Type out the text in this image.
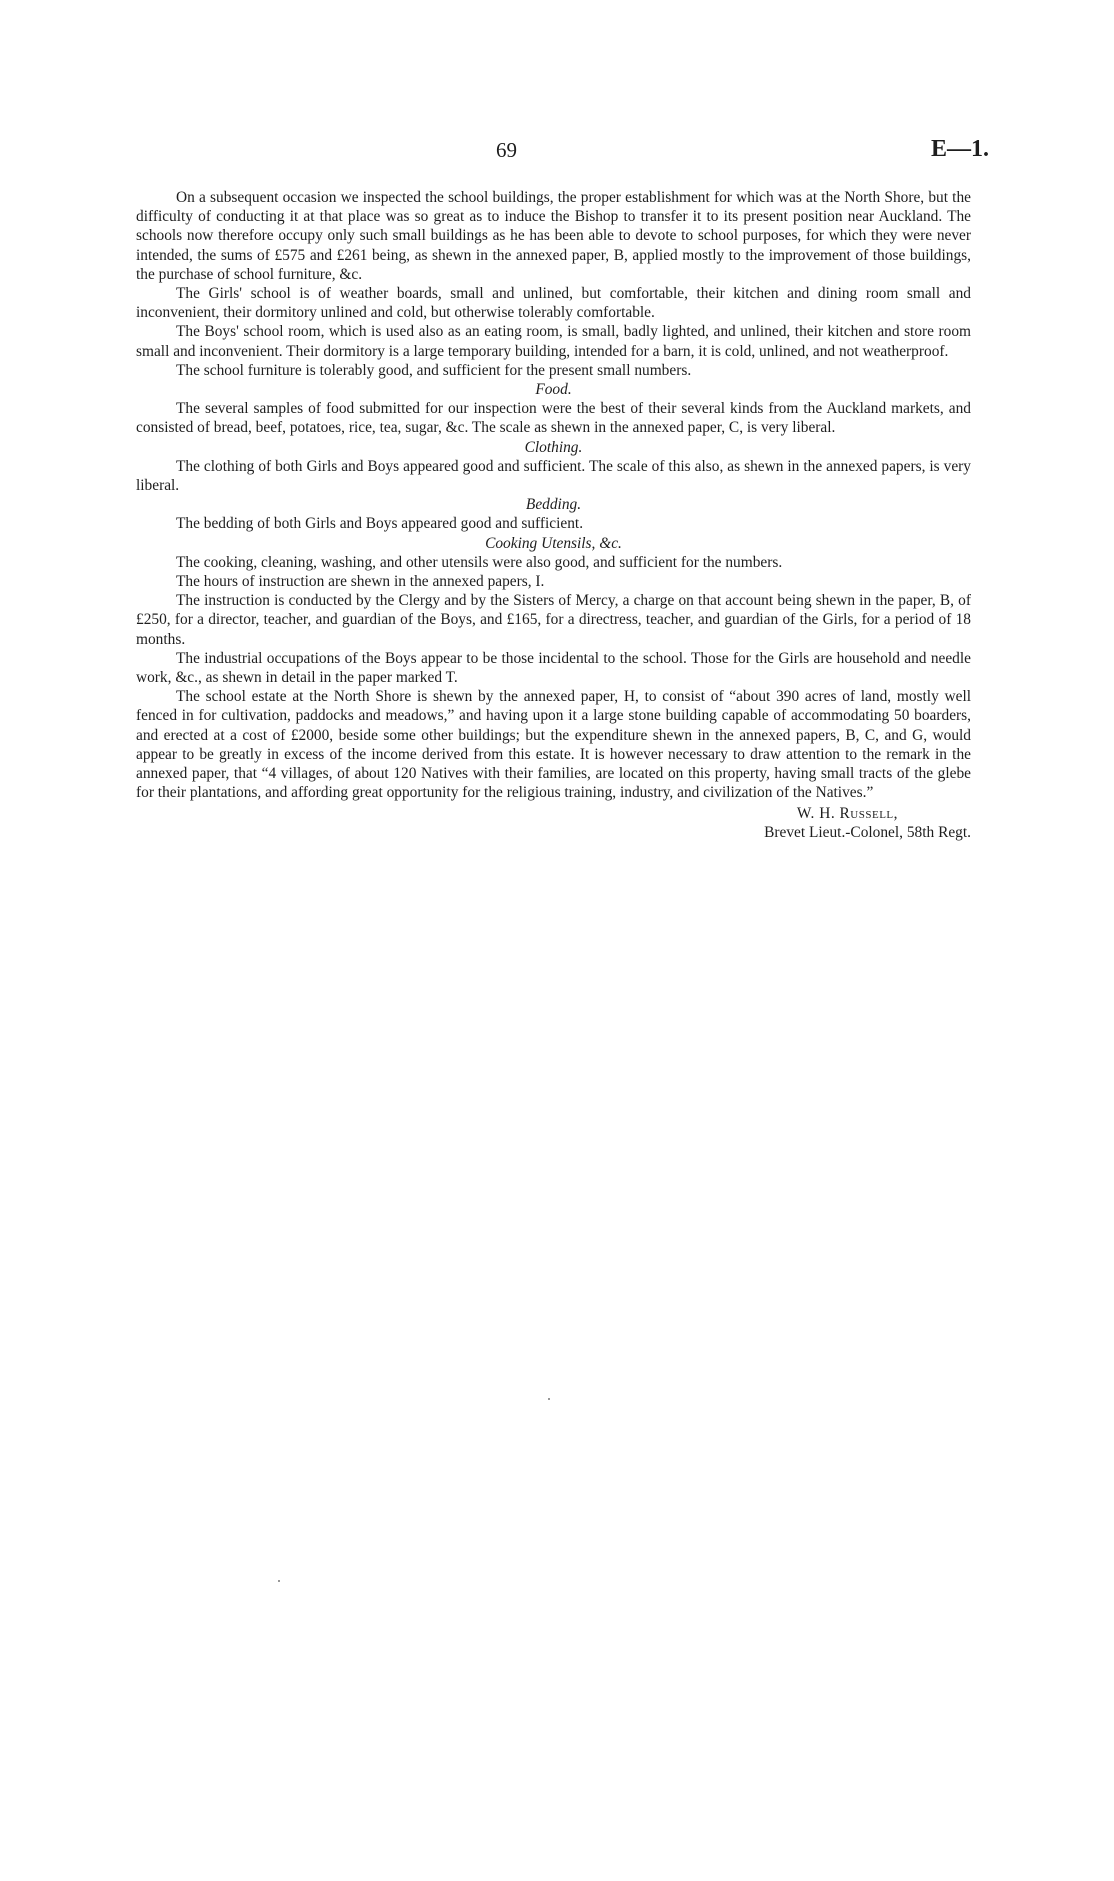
69	E—1.

On a subsequent occasion we inspected the school buildings, the proper establishment for which was at the North Shore, but the difficulty of conducting it at that place was so great as to induce the Bishop to transfer it to its present position near Auckland. The schools now therefore occupy only such small buildings as he has been able to devote to school purposes, for which they were never intended, the sums of £575 and £261 being, as shewn in the annexed paper, B, applied mostly to the improvement of those buildings, the purchase of school furniture, &c.

The Girls' school is of weather boards, small and unlined, but comfortable, their kitchen and dining room small and inconvenient, their dormitory unlined and cold, but otherwise tolerably comfortable.

The Boys' school room, which is used also as an eating room, is small, badly lighted, and unlined, their kitchen and store room small and inconvenient. Their dormitory is a large temporary building, intended for a barn, it is cold, unlined, and not weatherproof.

The school furniture is tolerably good, and sufficient for the present small numbers.

Food.

The several samples of food submitted for our inspection were the best of their several kinds from the Auckland markets, and consisted of bread, beef, potatoes, rice, tea, sugar, &c. The scale as shewn in the annexed paper, C, is very liberal.

Clothing.

The clothing of both Girls and Boys appeared good and sufficient. The scale of this also, as shewn in the annexed papers, is very liberal.

Bedding.

The bedding of both Girls and Boys appeared good and sufficient.

Cooking Utensils, &c.

The cooking, cleaning, washing, and other utensils were also good, and sufficient for the numbers.

The hours of instruction are shewn in the annexed papers, I.

The instruction is conducted by the Clergy and by the Sisters of Mercy, a charge on that account being shewn in the paper, B, of £250, for a director, teacher, and guardian of the Boys, and £165, for a directress, teacher, and guardian of the Girls, for a period of 18 months.

The industrial occupations of the Boys appear to be those incidental to the school. Those for the Girls are household and needle work, &c., as shewn in detail in the paper marked T.

The school estate at the North Shore is shewn by the annexed paper, H, to consist of “about 390 acres of land, mostly well fenced in for cultivation, paddocks and meadows,” and having upon it a large stone building capable of accommodating 50 boarders, and erected at a cost of £2000, beside some other buildings; but the expenditure shewn in the annexed papers, B, C, and G, would appear to be greatly in excess of the income derived from this estate. It is however necessary to draw attention to the remark in the annexed paper, that “4 villages, of about 120 Natives with their families, are located on this property, having small tracts of the glebe for their plantations, and affording great opportunity for the religious training, industry, and civilization of the Natives.”

W. H. Russell,
Brevet Lieut.-Colonel, 58th Regt.
